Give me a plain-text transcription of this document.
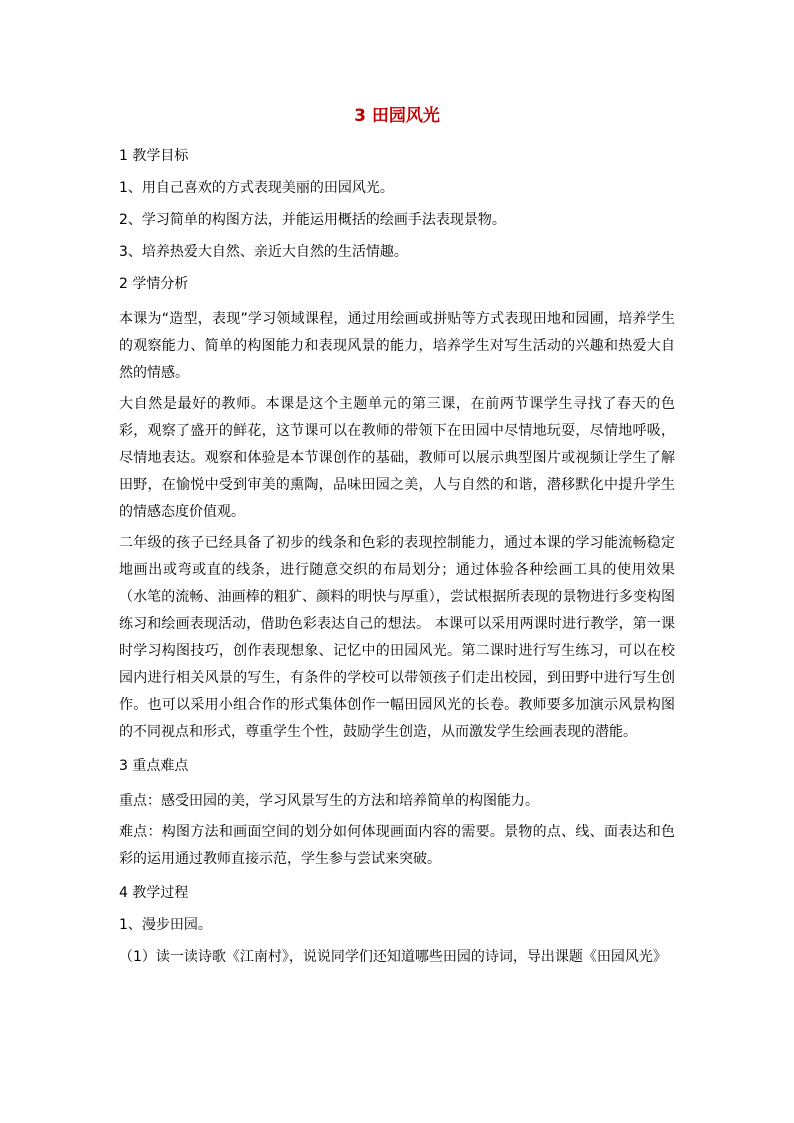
3 田园风光

1 教学目标

1、用自己喜欢的方式表现美丽的田园风光。

2、学习简单的构图方法，并能运用概括的绘画手法表现景物。

3、培养热爱大自然、亲近大自然的生活情趣。

2 学情分析

本课为“造型，表现”学习领域课程，通过用绘画或拼贴等方式表现田地和园圃，培养学生的观察能力、简单的构图能力和表现风景的能力，培养学生对写生活动的兴趣和热爱大自然的情感。

大自然是最好的教师。本课是这个主题单元的第三课，在前两节课学生寻找了春天的色彩，观察了盛开的鲜花，这节课可以在教师的带领下在田园中尽情地玩耍，尽情地呼吸，尽情地表达。观察和体验是本节课创作的基础，教师可以展示典型图片或视频让学生了解田野，在愉悦中受到审美的熏陶，品味田园之美，人与自然的和谐，潜移默化中提升学生的情感态度价值观。

二年级的孩子已经具备了初步的线条和色彩的表现控制能力，通过本课的学习能流畅稳定地画出或弯或直的线条，进行随意交织的布局划分；通过体验各种绘画工具的使用效果（水笔的流畅、油画棒的粗犷、颜料的明快与厚重），尝试根据所表现的景物进行多变构图练习和绘画表现活动，借助色彩表达自己的想法。 本课可以采用两课时进行教学，第一课时学习构图技巧，创作表现想象、记忆中的田园风光。第二课时进行写生练习，可以在校园内进行相关风景的写生，有条件的学校可以带领孩子们走出校园，到田野中进行写生创作。也可以采用小组合作的形式集体创作一幅田园风光的长卷。教师要多加演示风景构图的不同视点和形式，尊重学生个性，鼓励学生创造，从而激发学生绘画表现的潜能。

3 重点难点

重点：感受田园的美，学习风景写生的方法和培养简单的构图能力。

难点：构图方法和画面空间的划分如何体现画面内容的需要。景物的点、线、面表达和色彩的运用通过教师直接示范，学生参与尝试来突破。

4 教学过程

1、漫步田园。

（1）读一读诗歌《江南村》，说说同学们还知道哪些田园的诗词，导出课题《田园风光》
